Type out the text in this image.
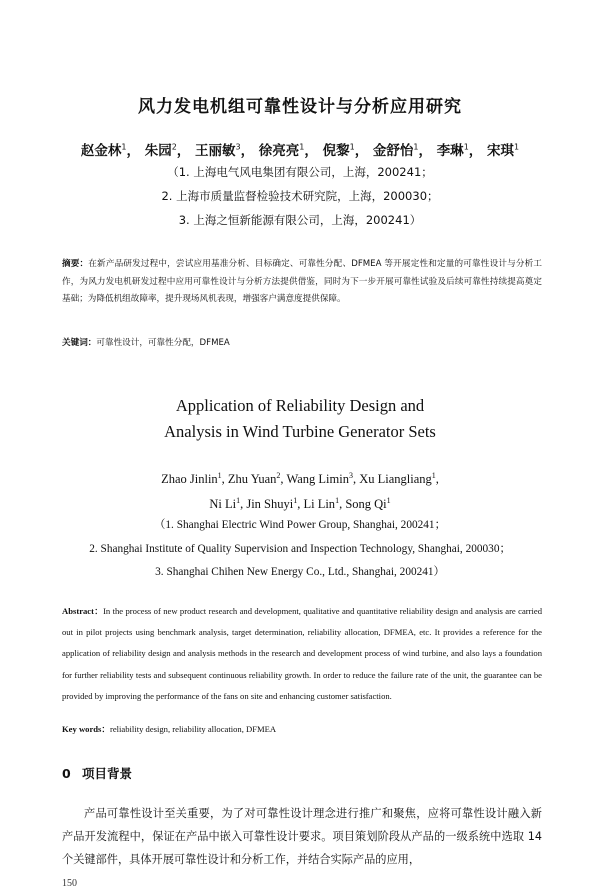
风力发电机组可靠性设计与分析应用研究
赵金林$^1$， 朱园$^2$， 王丽敏$^3$， 徐亮亮$^1$， 倪黎$^1$， 金舒怡$^1$， 李琳$^1$， 宋琪$^1$
（1. 上海电气风电集团有限公司，上海，200241；
2. 上海市质量监督检验技术研究院，上海，200030；
3. 上海之恒新能源有限公司，上海，200241）
摘要：在新产品研发过程中，尝试应用基准分析、目标确定、可靠性分配、DFMEA 等开展定性和定量的可靠性设计与分析工作，为风力发电机研发过程中应用可靠性设计与分析方法提供借鉴，同时为下一步开展可靠性试验及后续可靠性持续提高奠定基础；为降低机组故障率，提升现场风机表现，增强客户满意度提供保障。
关键词：可靠性设计，可靠性分配，DFMEA
Application of Reliability Design and
Analysis in Wind Turbine Generator Sets
Zhao Jinlin$^1$, Zhu Yuan$^2$, Wang Limin$^3$, Xu Liangliang$^1$,
Ni Li$^1$, Jin Shuyi$^1$, Li Lin$^1$, Song Qi$^1$
（1. Shanghai Electric Wind Power Group, Shanghai, 200241；
2. Shanghai Institute of Quality Supervision and Inspection Technology, Shanghai, 200030；
3. Shanghai Chihen New Energy Co., Ltd., Shanghai, 200241）
Abstract：In the process of new product research and development, qualitative and quantitative reliability design and analysis are carried out in pilot projects using benchmark analysis, target determination, reliability allocation, DFMEA, etc. It provides a reference for the application of reliability design and analysis methods in the research and development process of wind turbine, and also lays a foundation for further reliability tests and subsequent continuous reliability growth. In order to reduce the failure rate of the unit, the guarantee can be provided by improving the performance of the fans on site and enhancing customer satisfaction.
Key words：reliability design, reliability allocation, DFMEA
0 项目背景
产品可靠性设计至关重要，为了对可靠性设计理念进行推广和聚焦，应将可靠性设计融入新产品开发流程中，保证在产品中嵌入可靠性设计要求。项目策划阶段从产品的一级系统中选取 14 个关键部件，具体开展可靠性设计和分析工作，并结合实际产品的应用，
150
